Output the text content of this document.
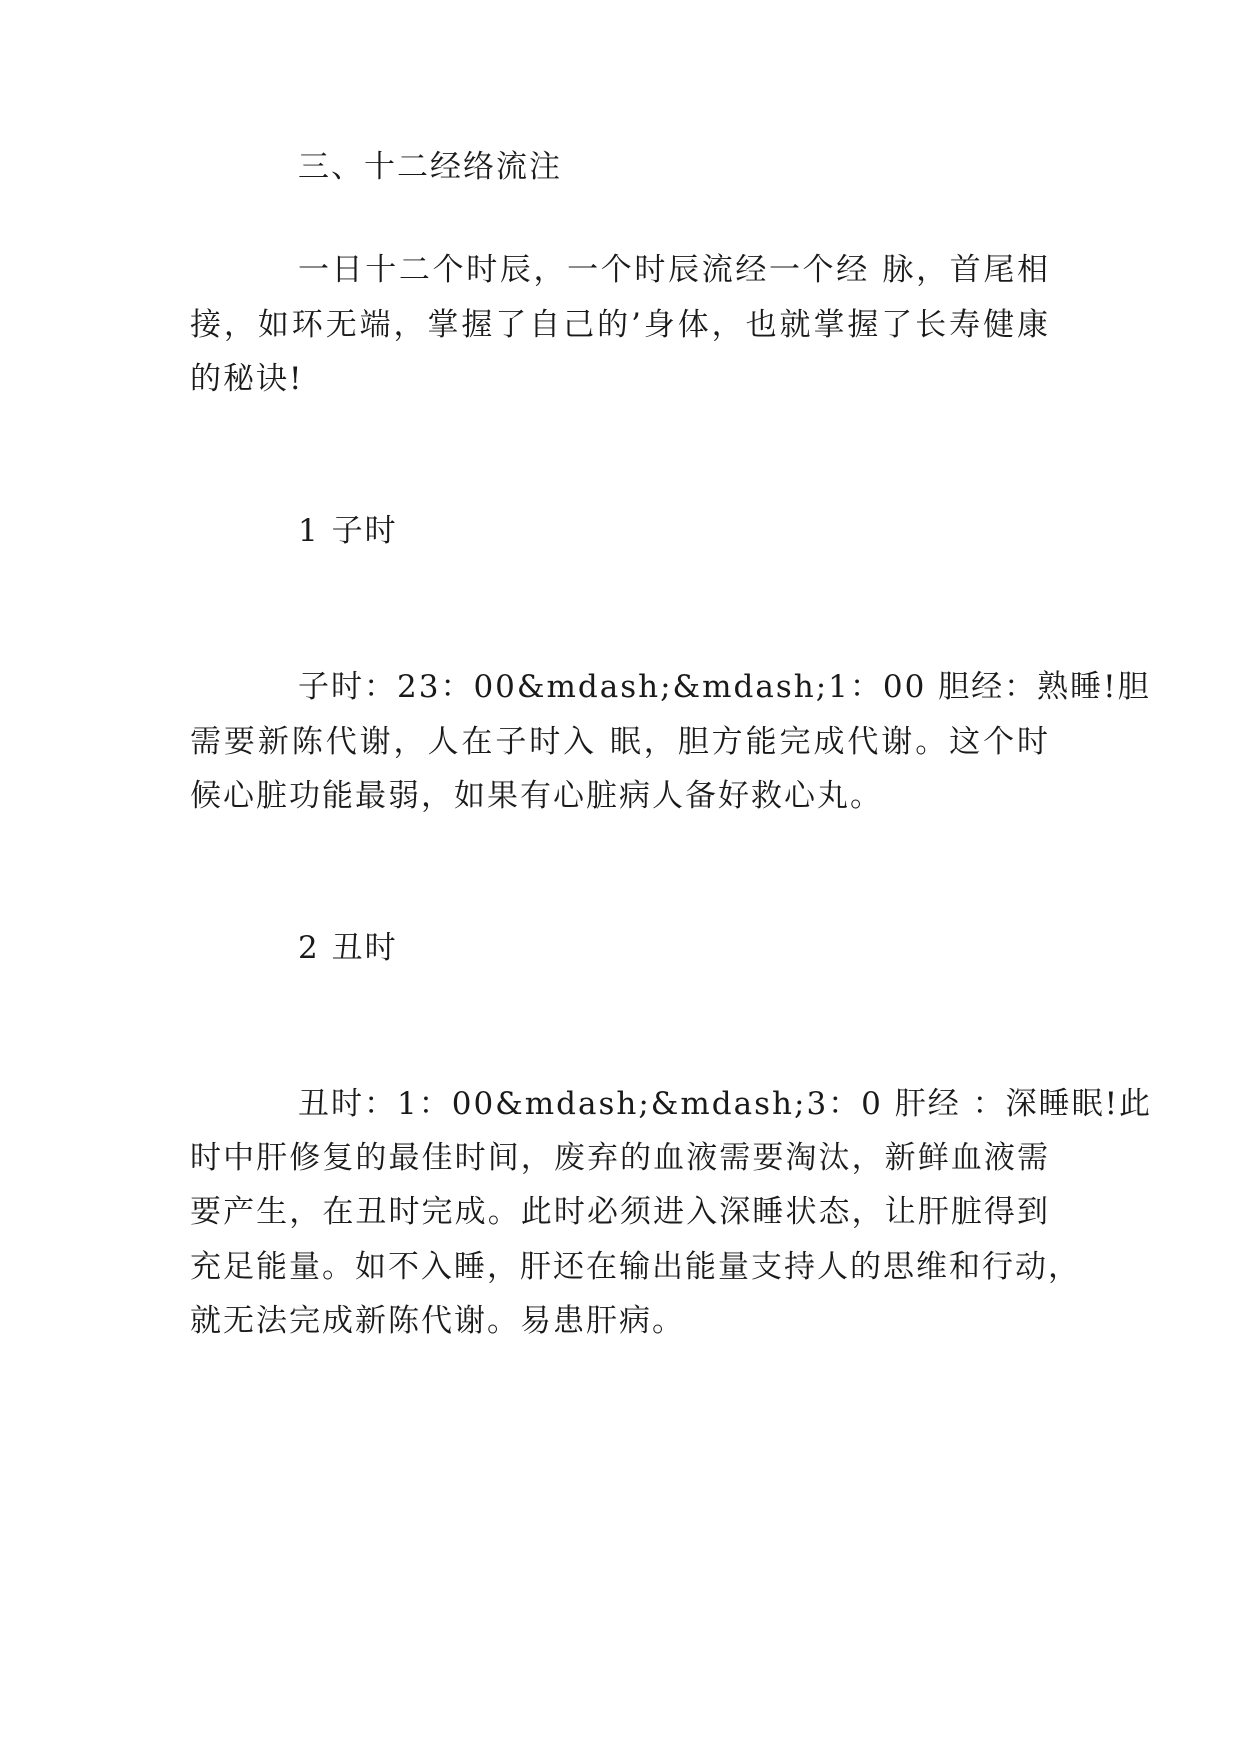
三、十二经络流注
一日十二个时辰，一个时辰流经一个经 脉，首尾相
接，如环无端，掌握了自己的’身体，也就掌握了长寿健康
的秘诀!
1 子时
子时：23：00&mdash;&mdash;1：00 胆经：熟睡!胆
需要新陈代谢，人在子时入 眠，胆方能完成代谢。这个时
候心脏功能最弱，如果有心脏病人备好救心丸。
2 丑时
丑时：1：00&mdash;&mdash;3：0 肝经 ：深睡眠!此
时中肝修复的最佳时间，废弃的血液需要淘汰，新鲜血液需
要产生，在丑时完成。此时必须进入深睡状态，让肝脏得到
充足能量。如不入睡，肝还在输出能量支持人的思维和行动，
就无法完成新陈代谢。易患肝病。
